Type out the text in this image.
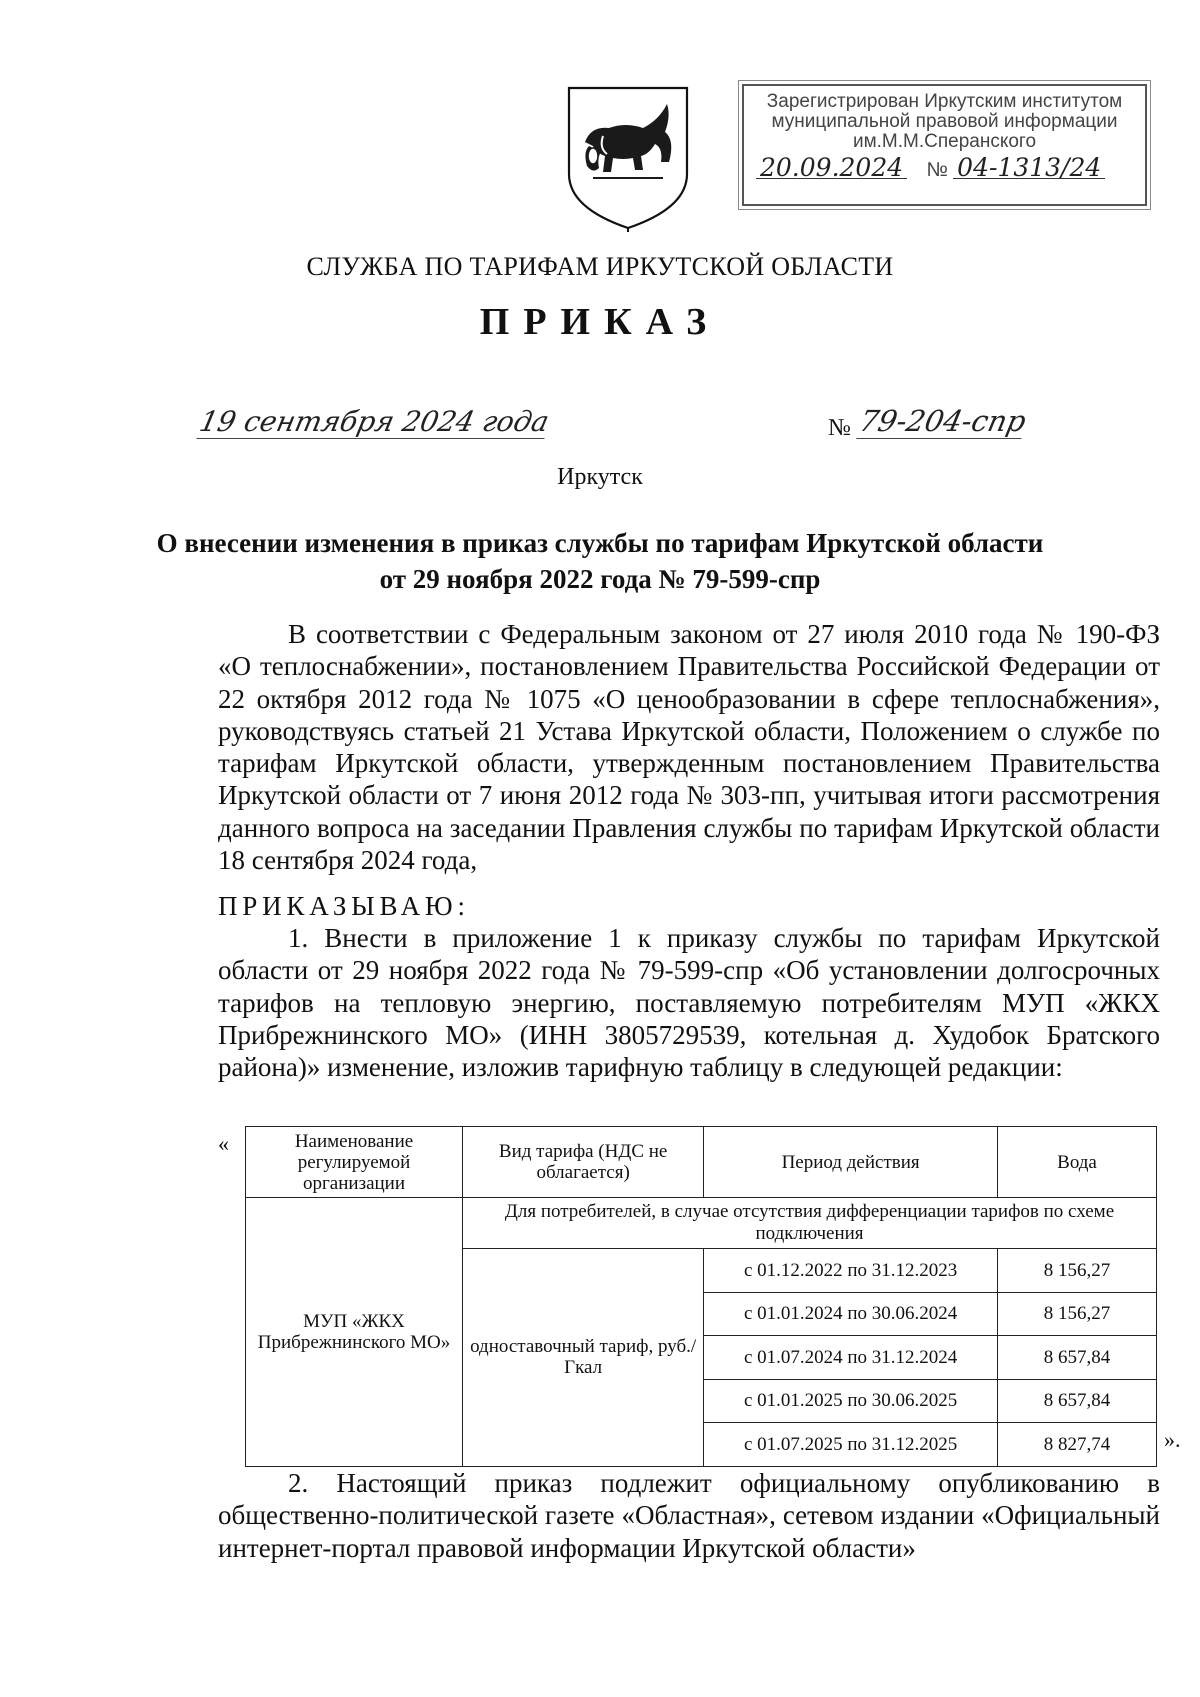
Зарегистрирован Иркутским институтом
муниципальной правовой информации
им.М.М.Сперанского
20.09.2024 № 04-1313/24
СЛУЖБА ПО ТАРИФАМ ИРКУТСКОЙ ОБЛАСТИ
ПРИКАЗ
19 сентября 2024 года	№ 79-204-спр
Иркутск
О внесении изменения в приказ службы по тарифам Иркутской области
от 29 ноября 2022 года № 79-599-спр
В соответствии с Федеральным законом от 27 июля 2010 года № 190-ФЗ «О теплоснабжении», постановлением Правительства Российской Федерации от 22 октября 2012 года № 1075 «О ценообразовании в сфере теплоснабжения», руководствуясь статьей 21 Устава Иркутской области, Положением о службе по тарифам Иркутской области, утвержденным постановлением Правительства Иркутской области от 7 июня 2012 года № 303-пп, учитывая итоги рассмотрения данного вопроса на заседании Правления службы по тарифам Иркутской области 18 сентября 2024 года,
ПРИКАЗЫВАЮ:
1. Внести в приложение 1 к приказу службы по тарифам Иркутской области от 29 ноября 2022 года № 79-599-спр «Об установлении долгосрочных тарифов на тепловую энергию, поставляемую потребителям МУП «ЖКХ Прибрежнинского МО» (ИНН 3805729539, котельная д. Худобок Братского района)» изменение, изложив тарифную таблицу в следующей редакции:
«	Наименование регулируемой организации	Вид тарифа (НДС не облагается)	Период действия	Вода
МУП «ЖКХ Прибрежнинского МО»	Для потребителей, в случае отсутствия дифференциации тарифов по схеме подключения		
	одноставочный тариф, руб./Гкал	с 01.12.2022 по 31.12.2023	8 156,27
		с 01.01.2024 по 30.06.2024	8 156,27
		с 01.07.2024 по 31.12.2024	8 657,84
		с 01.01.2025 по 30.06.2025	8 657,84
		с 01.07.2025 по 31.12.2025	8 827,74 ».
2. Настоящий приказ подлежит официальному опубликованию в общественно-политической газете «Областная», сетевом издании «Официальный интернет-портал правовой информации Иркутской области»
